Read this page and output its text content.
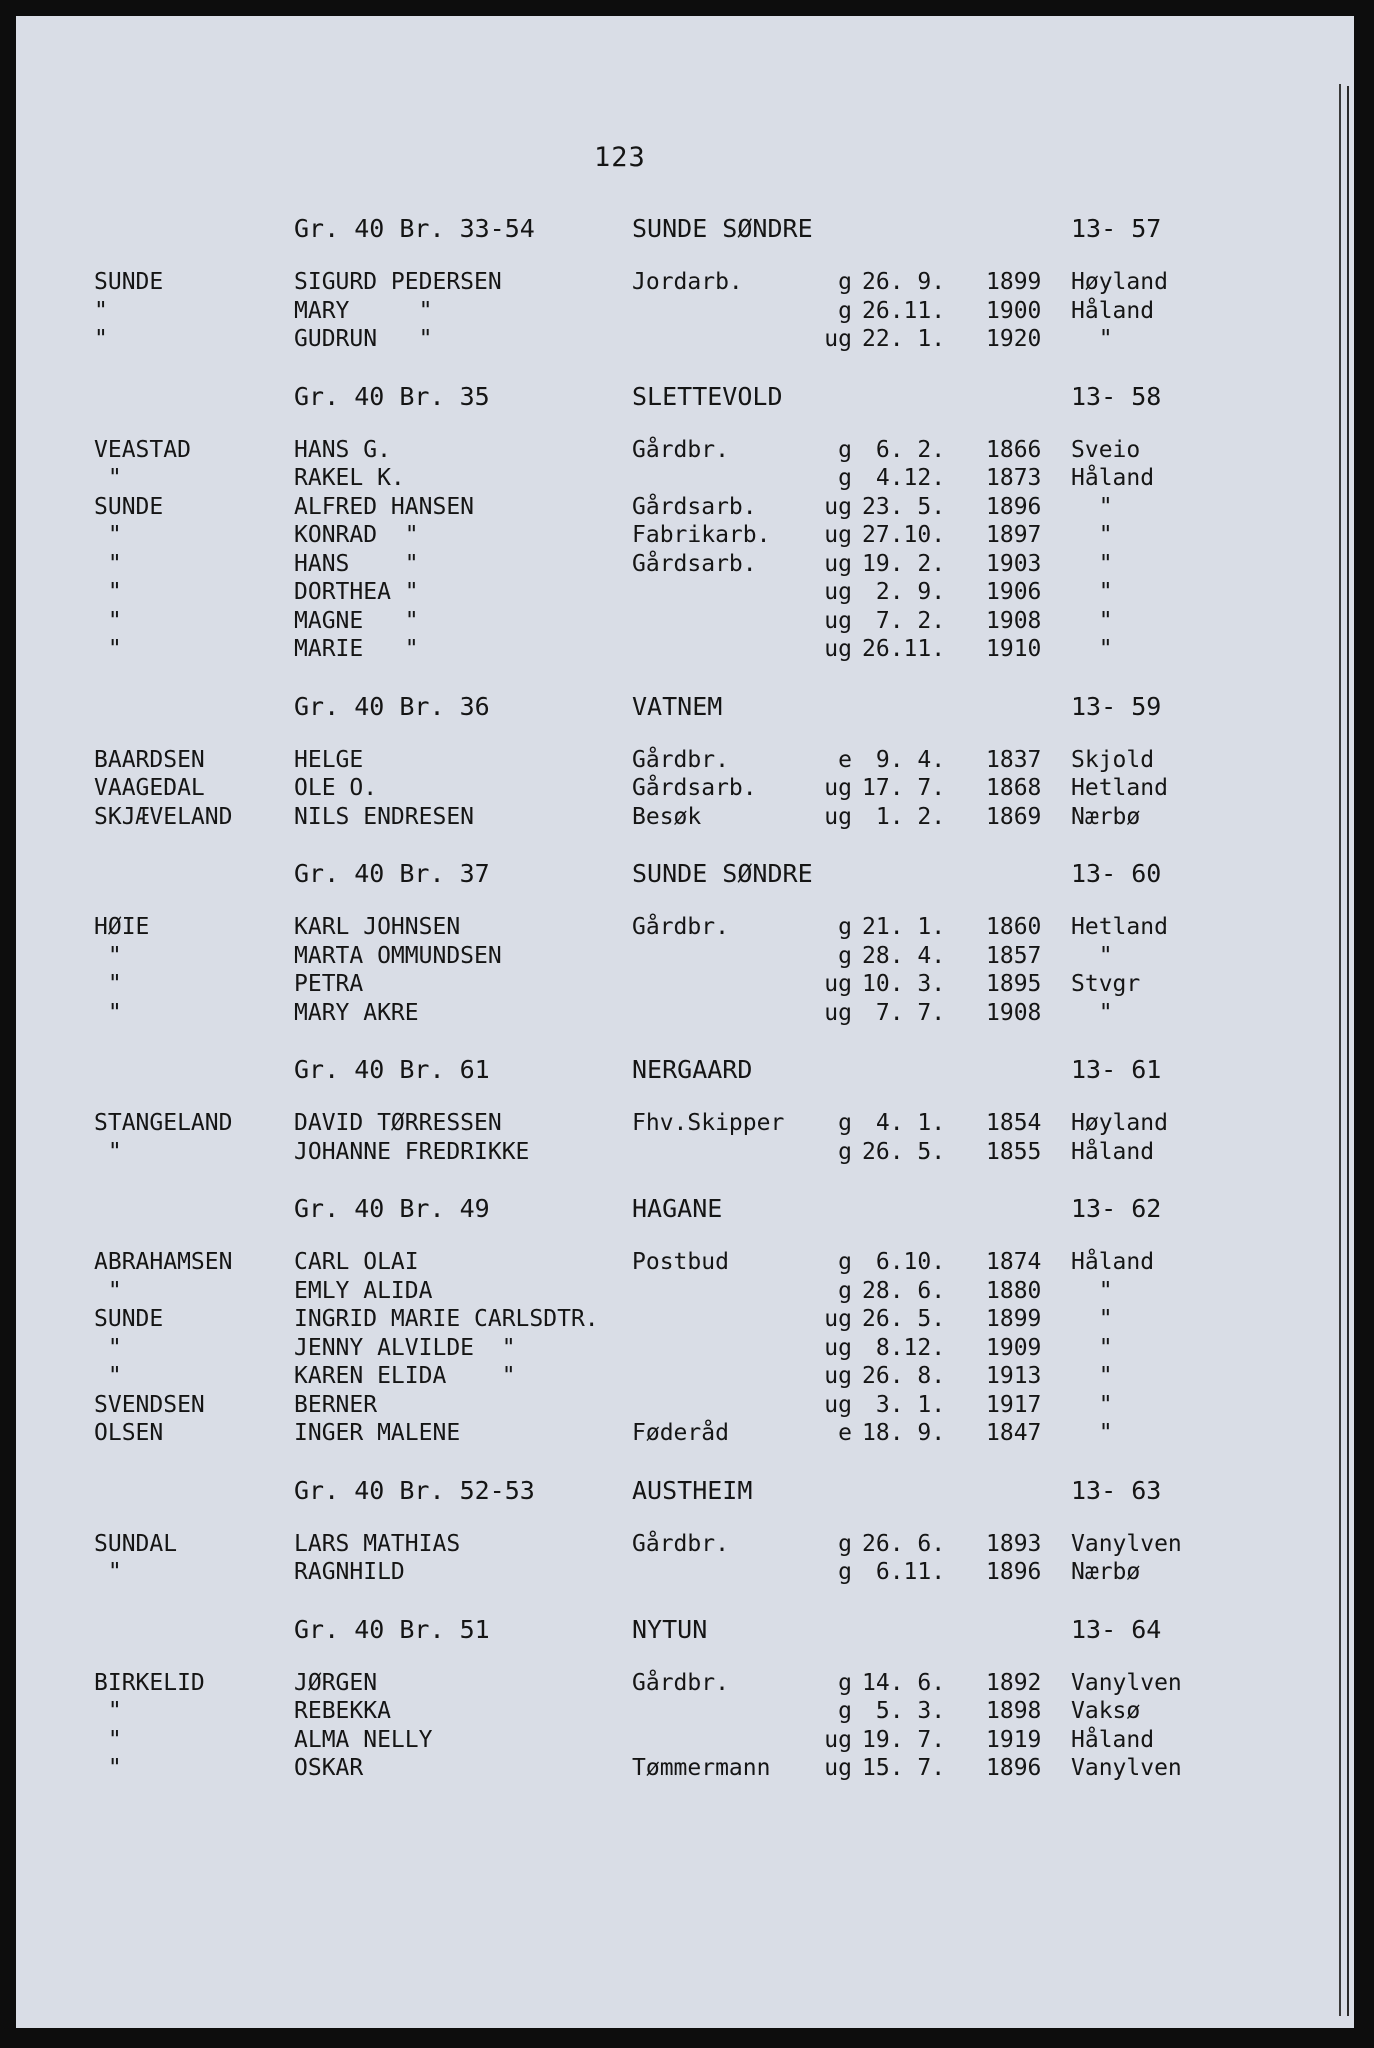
123
Gr. 40 Br. 33-54	SUNDE SØNDRE	13- 57
SUNDE	SIGURD PEDERSEN	Jordarb.	g 26. 9. 1899 Høyland
"	MARY     "	g 26.11. 1900 Håland
"	GUDRUN   "	ug 22. 1. 1920 "
Gr. 40 Br. 35	SLETTEVOLD	13- 58
VEASTAD	HANS G.	Gårdbr.	g 6. 2. 1866 Sveio
"	RAKEL K.	g 4.12. 1873 Håland
SUNDE	ALFRED HANSEN	Gårdsarb.	ug 23. 5. 1896 "
"	KONRAD  "	Fabrikarb.	ug 27.10. 1897 "
"	HANS    "	Gårdsarb.	ug 19. 2. 1903 "
"	DORTHEA "	ug 2. 9. 1906 "
"	MAGNE   "	ug 7. 2. 1908 "
"	MARIE   "	ug 26.11. 1910 "
Gr. 40 Br. 36	VATNEM	13- 59
BAARDSEN	HELGE	Gårdbr.	e 9. 4. 1837 Skjold
VAAGEDAL	OLE O.	Gårdsarb.	ug 17. 7. 1868 Hetland
SKJÆVELAND	NILS ENDRESEN	Besøk	ug 1. 2. 1869 Nærbø
Gr. 40 Br. 37	SUNDE SØNDRE	13- 60
HØIE	KARL JOHNSEN	Gårdbr.	g 21. 1. 1860 Hetland
"	MARTA OMMUNDSEN	g 28. 4. 1857 "
"	PETRA	ug 10. 3. 1895 Stvgr
"	MARY AKRE	ug 7. 7. 1908 "
Gr. 40 Br. 61	NERGAARD	13- 61
STANGELAND	DAVID TØRRESSEN	Fhv.Skipper	g 4. 1. 1854 Høyland
"	JOHANNE FREDRIKKE	g 26. 5. 1855 Håland
Gr. 40 Br. 49	HAGANE	13- 62
ABRAHAMSEN	CARL OLAI	Postbud	g 6.10. 1874 Håland
"	EMLY ALIDA	g 28. 6. 1880 "
SUNDE	INGRID MARIE CARLSDTR.	ug 26. 5. 1899 "
"	JENNY ALVILDE  "	ug 8.12. 1909 "
"	KAREN ELIDA    "	ug 26. 8. 1913 "
SVENDSEN	BERNER	ug 3. 1. 1917 "
OLSEN	INGER MALENE	Føderåd	e 18. 9. 1847 "
Gr. 40 Br. 52-53	AUSTHEIM	13- 63
SUNDAL	LARS MATHIAS	Gårdbr.	g 26. 6. 1893 Vanylven
"	RAGNHILD	g 6.11. 1896 Nærbø
Gr. 40 Br. 51	NYTUN	13- 64
BIRKELID	JØRGEN	Gårdbr.	g 14. 6. 1892 Vanylven
"	REBEKKA	g 5. 3. 1898 Vaksø
"	ALMA NELLY	ug 19. 7. 1919 Håland
"	OSKAR	Tømmermann	ug 15. 7. 1896 Vanylven
